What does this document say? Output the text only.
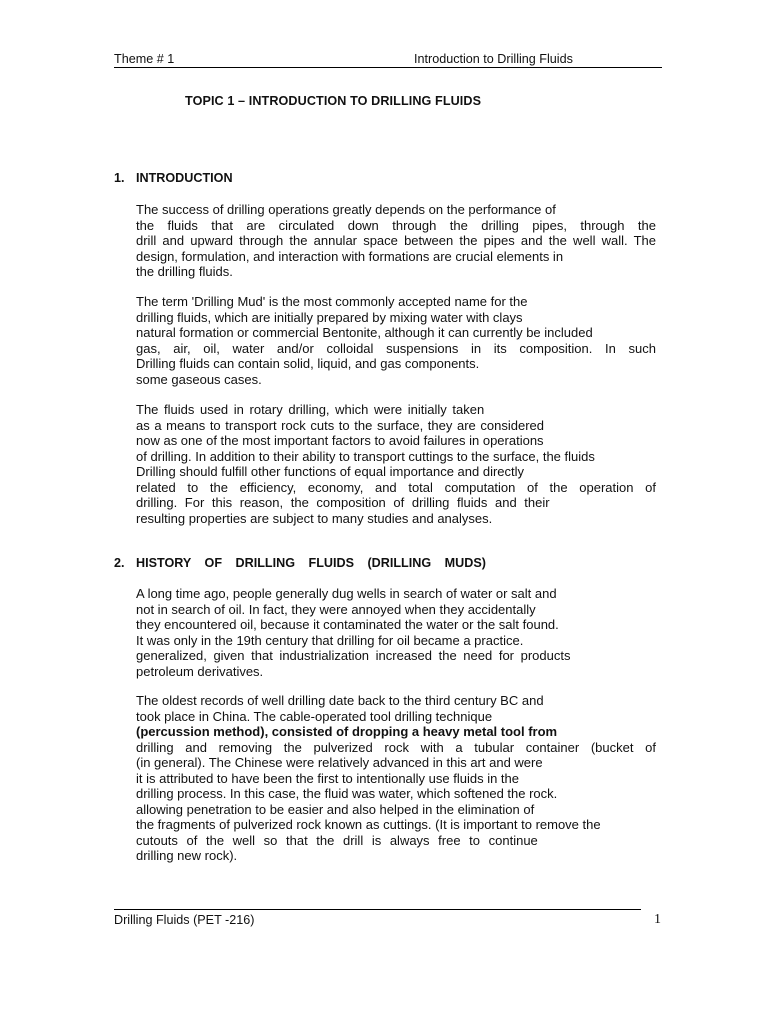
Theme # 1	Introduction to Drilling Fluids
TOPIC 1 – INTRODUCTION TO DRILLING FLUIDS
1. INTRODUCTION
The success of drilling operations greatly depends on the performance of
the fluids that are circulated down through the drilling pipes, through the
drill and upward through the annular space between the pipes and the well wall. The
design, formulation, and interaction with formations are crucial elements in
the drilling fluids.
The term 'Drilling Mud' is the most commonly accepted name for the
drilling fluids, which are initially prepared by mixing water with clays
natural formation or commercial Bentonite, although it can currently be included
gas, air, oil, water and/or colloidal suspensions in its composition. In such
Drilling fluids can contain solid, liquid, and gas components.
some gaseous cases.
The fluids used in rotary drilling, which were initially taken
as a means to transport rock cuts to the surface, they are considered
now as one of the most important factors to avoid failures in operations
of drilling. In addition to their ability to transport cuttings to the surface, the fluids
Drilling should fulfill other functions of equal importance and directly
related to the efficiency, economy, and total computation of the operation of
drilling. For this reason, the composition of drilling fluids and their
resulting properties are subject to many studies and analyses.
2. HISTORY OF DRILLING FLUIDS (DRILLING MUDS)
A long time ago, people generally dug wells in search of water or salt and
not in search of oil. In fact, they were annoyed when they accidentally
they encountered oil, because it contaminated the water or the salt found.
It was only in the 19th century that drilling for oil became a practice.
generalized, given that industrialization increased the need for products
petroleum derivatives.
The oldest records of well drilling date back to the third century BC and
took place in China. The cable-operated tool drilling technique
(percussion method), consisted of dropping a heavy metal tool from
drilling and removing the pulverized rock with a tubular container (bucket of
(in general). The Chinese were relatively advanced in this art and were
it is attributed to have been the first to intentionally use fluids in the
drilling process. In this case, the fluid was water, which softened the rock.
allowing penetration to be easier and also helped in the elimination of
the fragments of pulverized rock known as cuttings. (It is important to remove the
cutouts of the well so that the drill is always free to continue
drilling new rock).
Drilling Fluids (PET -216)	1
